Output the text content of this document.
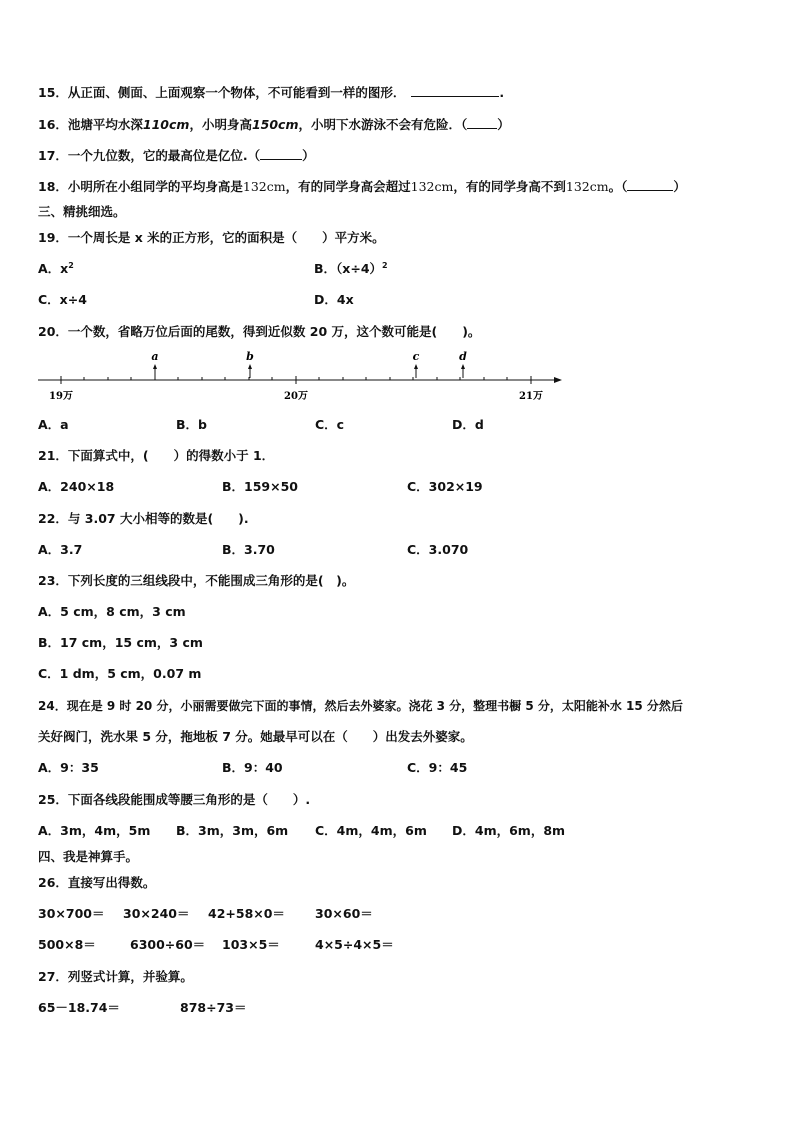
15．从正面、侧面、上面观察一个物体，不可能看到一样的图形．	.
16．池塘平均水深110cm，小明身高150cm，小明下水游泳不会有危险．（ ）
17．一个九位数，它的最高位是亿位.（	）
18．小明所在小组同学的平均身高是132cm，有的同学身高会超过132cm，有的同学身高不到132cm。（	）
三、精挑细选。
19．一个周长是 x 米的正方形，它的面积是（　　）平方米。
A．$x^2$	B．$(x\div 4)^2$
C．x÷4	D．4x
20．一个数，省略万位后面的尾数，得到近似数 20 万，这个数可能是(　　)。
a	b	c	d
19万	20万	21万
A．a	B．b	C．c	D．d
21．下面算式中，(　　）的得数小于 1．
A．240×18	B．159×50	C．302×19
22．与 3.07 大小相等的数是(　　).
A．3.7	B．3.70	C．3.070
23．下列长度的三组线段中，不能围成三角形的是(　)。
A．5 cm，8 cm，3 cm
B．17 cm，15 cm，3 cm
C．1 dm，5 cm，0.07 m
24．现在是 9 时 20 分，小丽需要做完下面的事情，然后去外婆家。浇花 3 分，整理书橱 5 分，太阳能补水 15 分然后
关好阀门，洗水果 5 分，拖地板 7 分。她最早可以在（　　）出发去外婆家。
A．9：35	B．9：40	C．9：45
25．下面各线段能围成等腰三角形的是（　　）.
A．3m，4m，5m B．3m，3m，6m C．4m，4m，6m D．4m，6m，8m
四、我是神算手。
26．直接写出得数。
30×700＝ 30×240＝ 42+58×0＝ 30×60＝
500×8＝	6300÷60＝ 103×5＝	4×5÷4×5＝
27．列竖式计算，并验算。
65－18.74＝	878÷73＝
